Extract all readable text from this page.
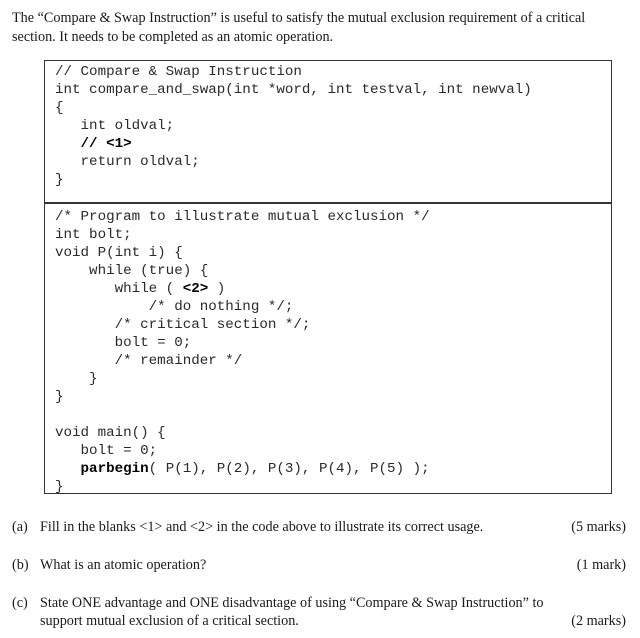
The “Compare & Swap Instruction” is useful to satisfy the mutual exclusion requirement of a critical section. It needs to be completed as an atomic operation.
// Compare & Swap Instruction
int compare_and_swap(int *word, int testval, int newval)
{
int oldval;
// <1>
return oldval;
}
/* Program to illustrate mutual exclusion */
int bolt;
void P(int i) {
while (true) {
while ( <2> )
/* do nothing */;
/* critical section */;
bolt = 0;
/* remainder */
}
}
void main() {
bolt = 0;
parbegin( P(1), P(2), P(3), P(4), P(5) );
}
(a) Fill in the blanks <1> and <2> in the code above to illustrate its correct usage.	(5 marks)
(b) What is an atomic operation?	(1 mark)
(c) State ONE advantage and ONE disadvantage of using “Compare & Swap Instruction” to
support mutual exclusion of a critical section.	(2 marks)
